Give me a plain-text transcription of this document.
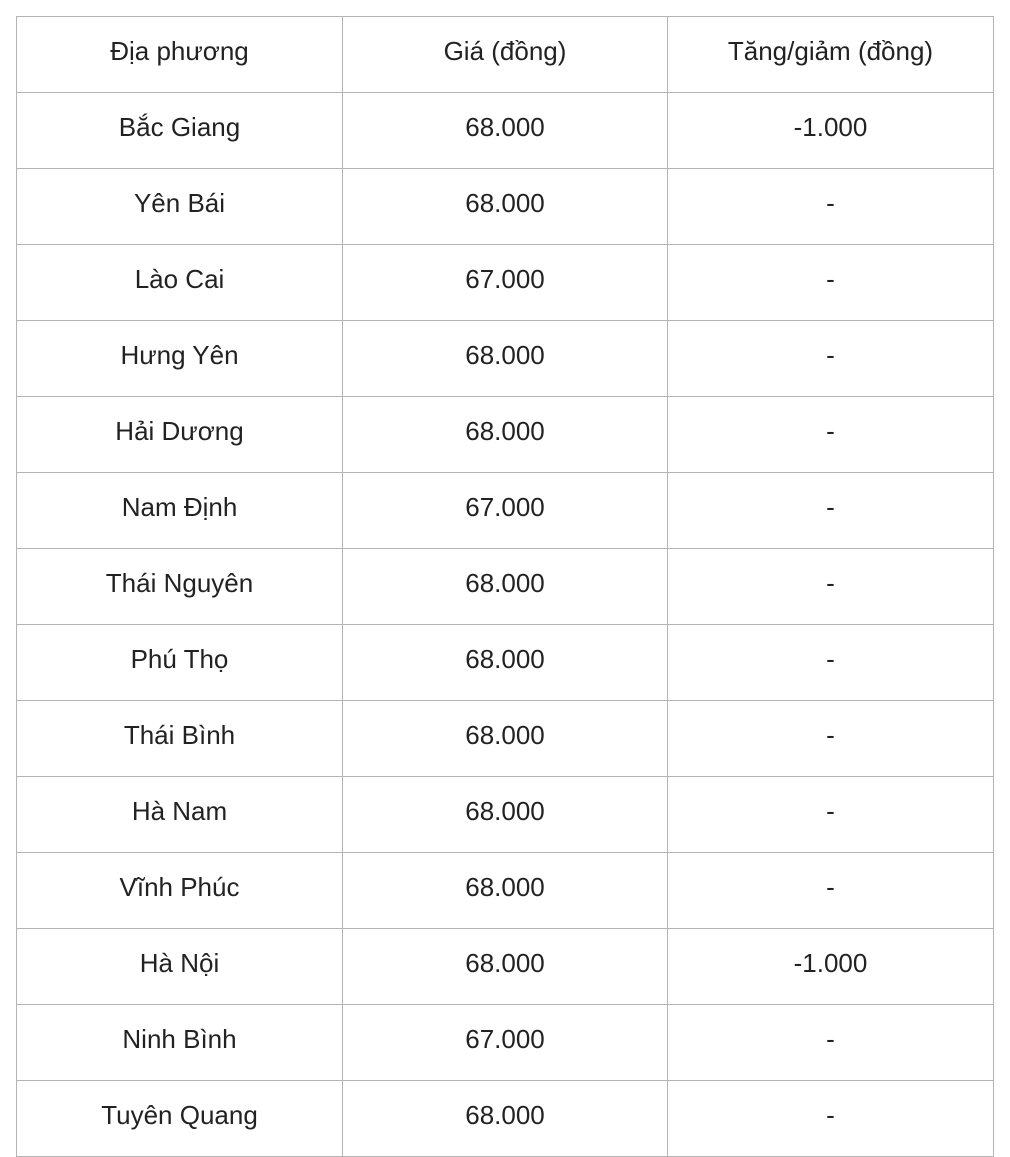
Địa phương	Giá (đồng)	Tăng/giảm (đồng)
Bắc Giang	68.000	-1.000
Yên Bái	68.000	-
Lào Cai	67.000	-
Hưng Yên	68.000	-
Hải Dương	68.000	-
Nam Định	67.000	-
Thái Nguyên	68.000	-
Phú Thọ	68.000	-
Thái Bình	68.000	-
Hà Nam	68.000	-
Vĩnh Phúc	68.000	-
Hà Nội	68.000	-1.000
Ninh Bình	67.000	-
Tuyên Quang	68.000	-
